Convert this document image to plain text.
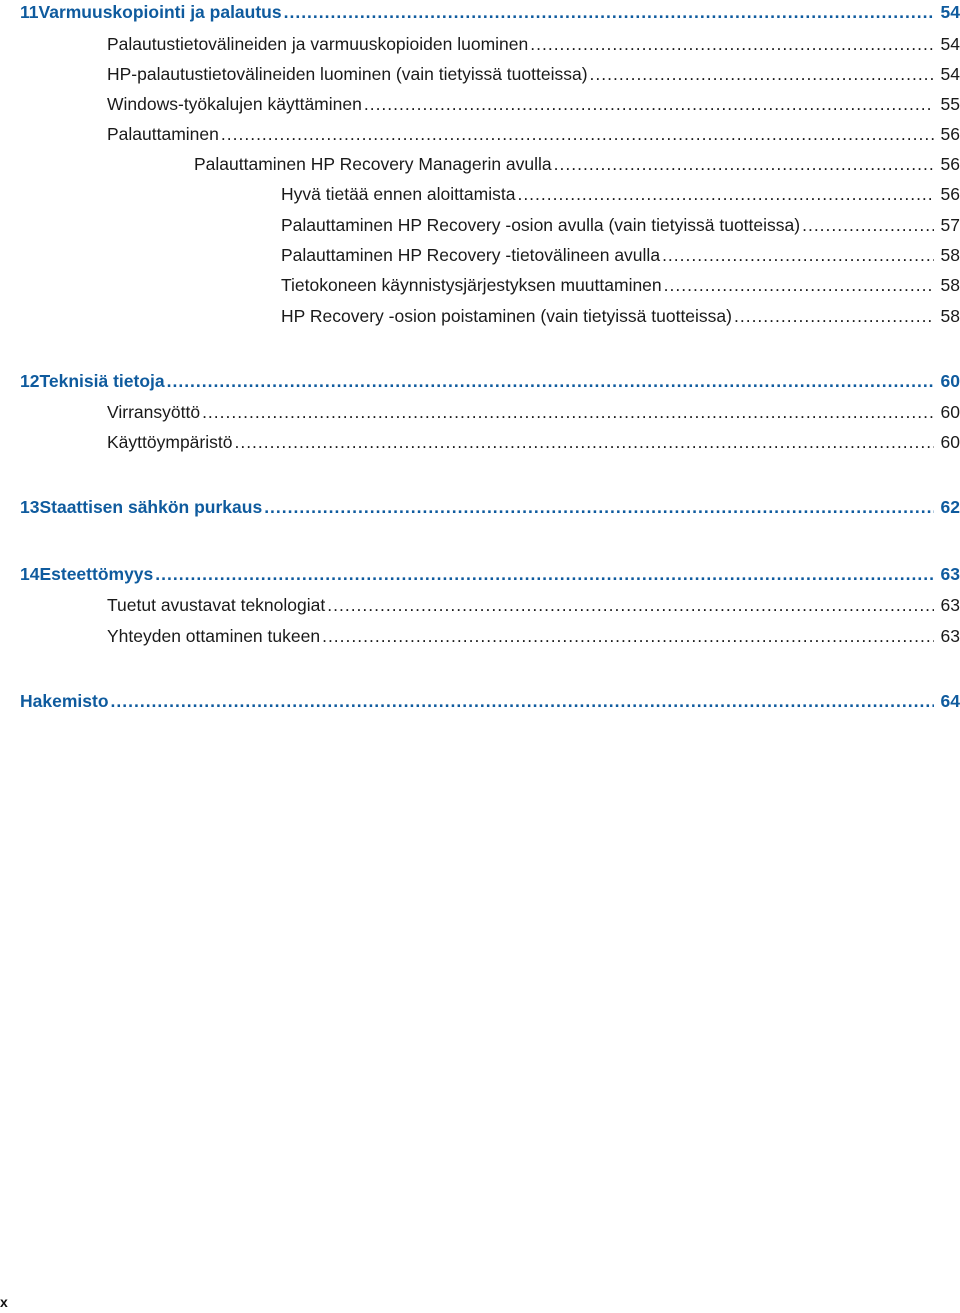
11 Varmuuskopiointi ja palautus .....	54
Palautustietovälineiden ja varmuuskopioiden luominen .....	54
HP-palautustietovälineiden luominen (vain tietyissä tuotteissa) .....	54
Windows-työkalujen käyttäminen .....	55
Palauttaminen .....	56
Palauttaminen HP Recovery Managerin avulla .....	56
Hyvä tietää ennen aloittamista .....	56
Palauttaminen HP Recovery -osion avulla (vain tietyissä tuotteissa) .....	57
Palauttaminen HP Recovery -tietovälineen avulla .....	58
Tietokoneen käynnistysjärjestyksen muuttaminen .....	58
HP Recovery -osion poistaminen (vain tietyissä tuotteissa) .....	58
12 Teknisiä tietoja .....	60
Virransyöttö .....	60
Käyttöympäristö .....	60
13 Staattisen sähkön purkaus .....	62
14 Esteettömyys .....	63
Tuetut avustavat teknologiat .....	63
Yhteyden ottaminen tukeen .....	63
Hakemisto .....	64
x
